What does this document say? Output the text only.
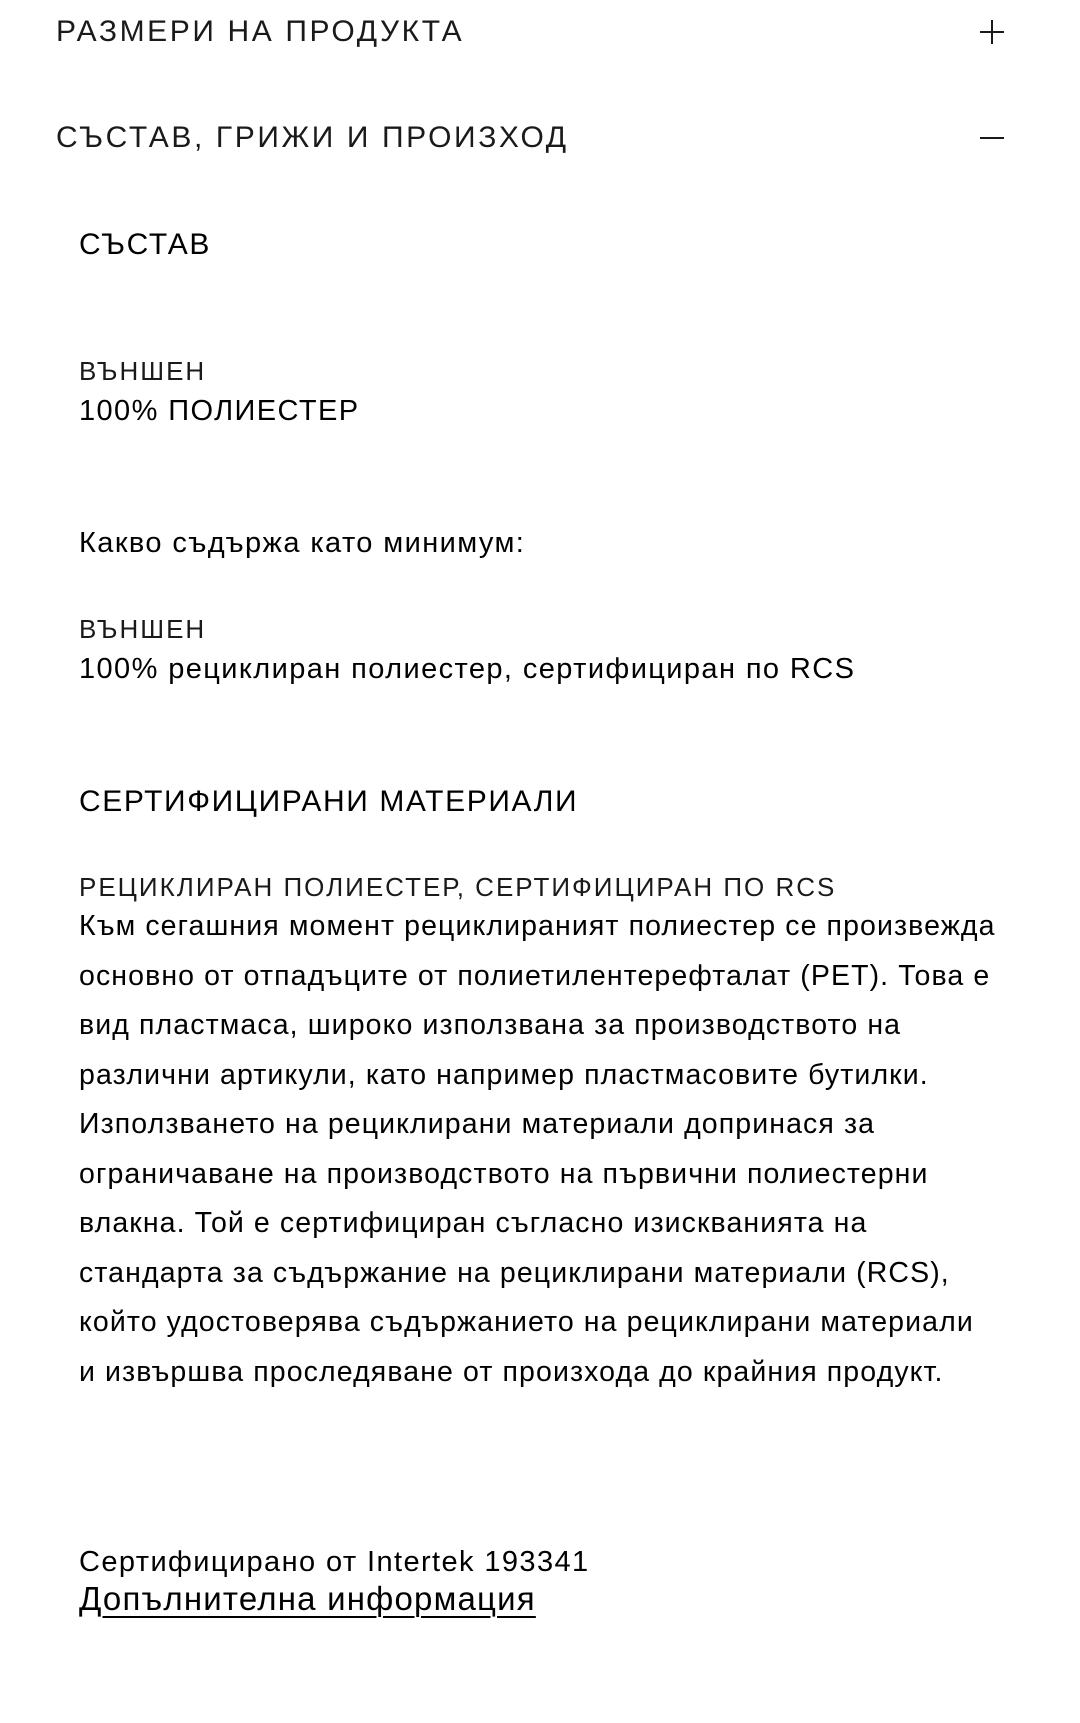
РАЗМЕРИ НА ПРОДУКТА
СЪСТАВ, ГРИЖИ И ПРОИЗХОД
СЪСТАВ
ВЪНШЕН
100% ПОЛИЕСТЕР
Какво съдържа като минимум:
ВЪНШЕН
100% рециклиран полиестер, сертифициран по RCS
СЕРТИФИЦИРАНИ МАТЕРИАЛИ
РЕЦИКЛИРАН ПОЛИЕСТЕР, СЕРТИФИЦИРАН ПО RCS
Към сегашния момент рециклираният полиестер се произвежда основно от отпадъците от полиетилентерефталат (PET). Това е вид пластмаса, широко използвана за производството на различни артикули, като например пластмасовите бутилки. Използването на рециклирани материали допринася за ограничаване на производството на първични полиестерни влакна. Той е сертифициран съгласно изискванията на стандарта за съдържание на рециклирани материали (RCS), който удостоверява съдържанието на рециклирани материали и извършва проследяване от произхода до крайния продукт.
Сертифицирано от Intertek 193341
Допълнителна информация
